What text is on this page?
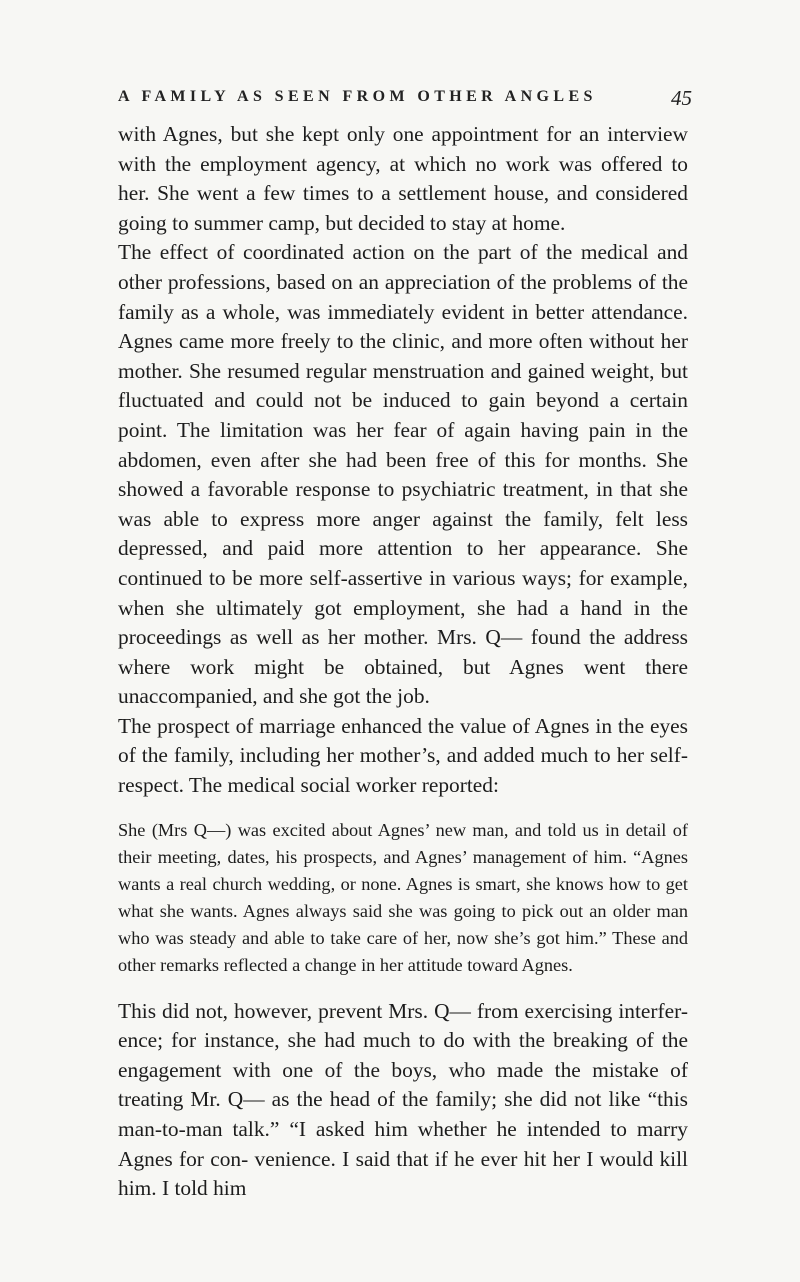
A FAMILY AS SEEN FROM OTHER ANGLES	45

with Agnes, but she kept only one appointment for an interview with the employment agency, at which no work was offered to her. She went a few times to a settlement house, and considered going to summer camp, but decided to stay at home.

The effect of coordinated action on the part of the medical and other professions, based on an appreciation of the problems of the family as a whole, was immediately evident in better attendance. Agnes came more freely to the clinic, and more often without her mother. She resumed regular menstruation and gained weight, but fluctuated and could not be induced to gain beyond a certain point. The limitation was her fear of again having pain in the abdomen, even after she had been free of this for months. She showed a favorable response to psychiatric treatment, in that she was able to express more anger against the family, felt less depressed, and paid more attention to her appearance. She continued to be more self-assertive in various ways; for example, when she ultimately got employment, she had a hand in the proceedings as well as her mother. Mrs. Q— found the address where work might be obtained, but Agnes went there unaccompanied, and she got the job.

The prospect of marriage enhanced the value of Agnes in the eyes of the family, including her mother’s, and added much to her self-respect. The medical social worker reported:

She (Mrs Q—) was excited about Agnes’ new man, and told us in detail of their meeting, dates, his prospects, and Agnes’ management of him. “Agnes wants a real church wedding, or none. Agnes is smart, she knows how to get what she wants. Agnes always said she was going to pick out an older man who was steady and able to take care of her, now she’s got him.” These and other remarks reflected a change in her attitude toward Agnes.

This did not, however, prevent Mrs. Q— from exercising interfer- ence; for instance, she had much to do with the breaking of the engagement with one of the boys, who made the mistake of treating Mr. Q— as the head of the family; she did not like “this man-to-man talk.” “I asked him whether he intended to marry Agnes for con- venience. I said that if he ever hit her I would kill him. I told him
